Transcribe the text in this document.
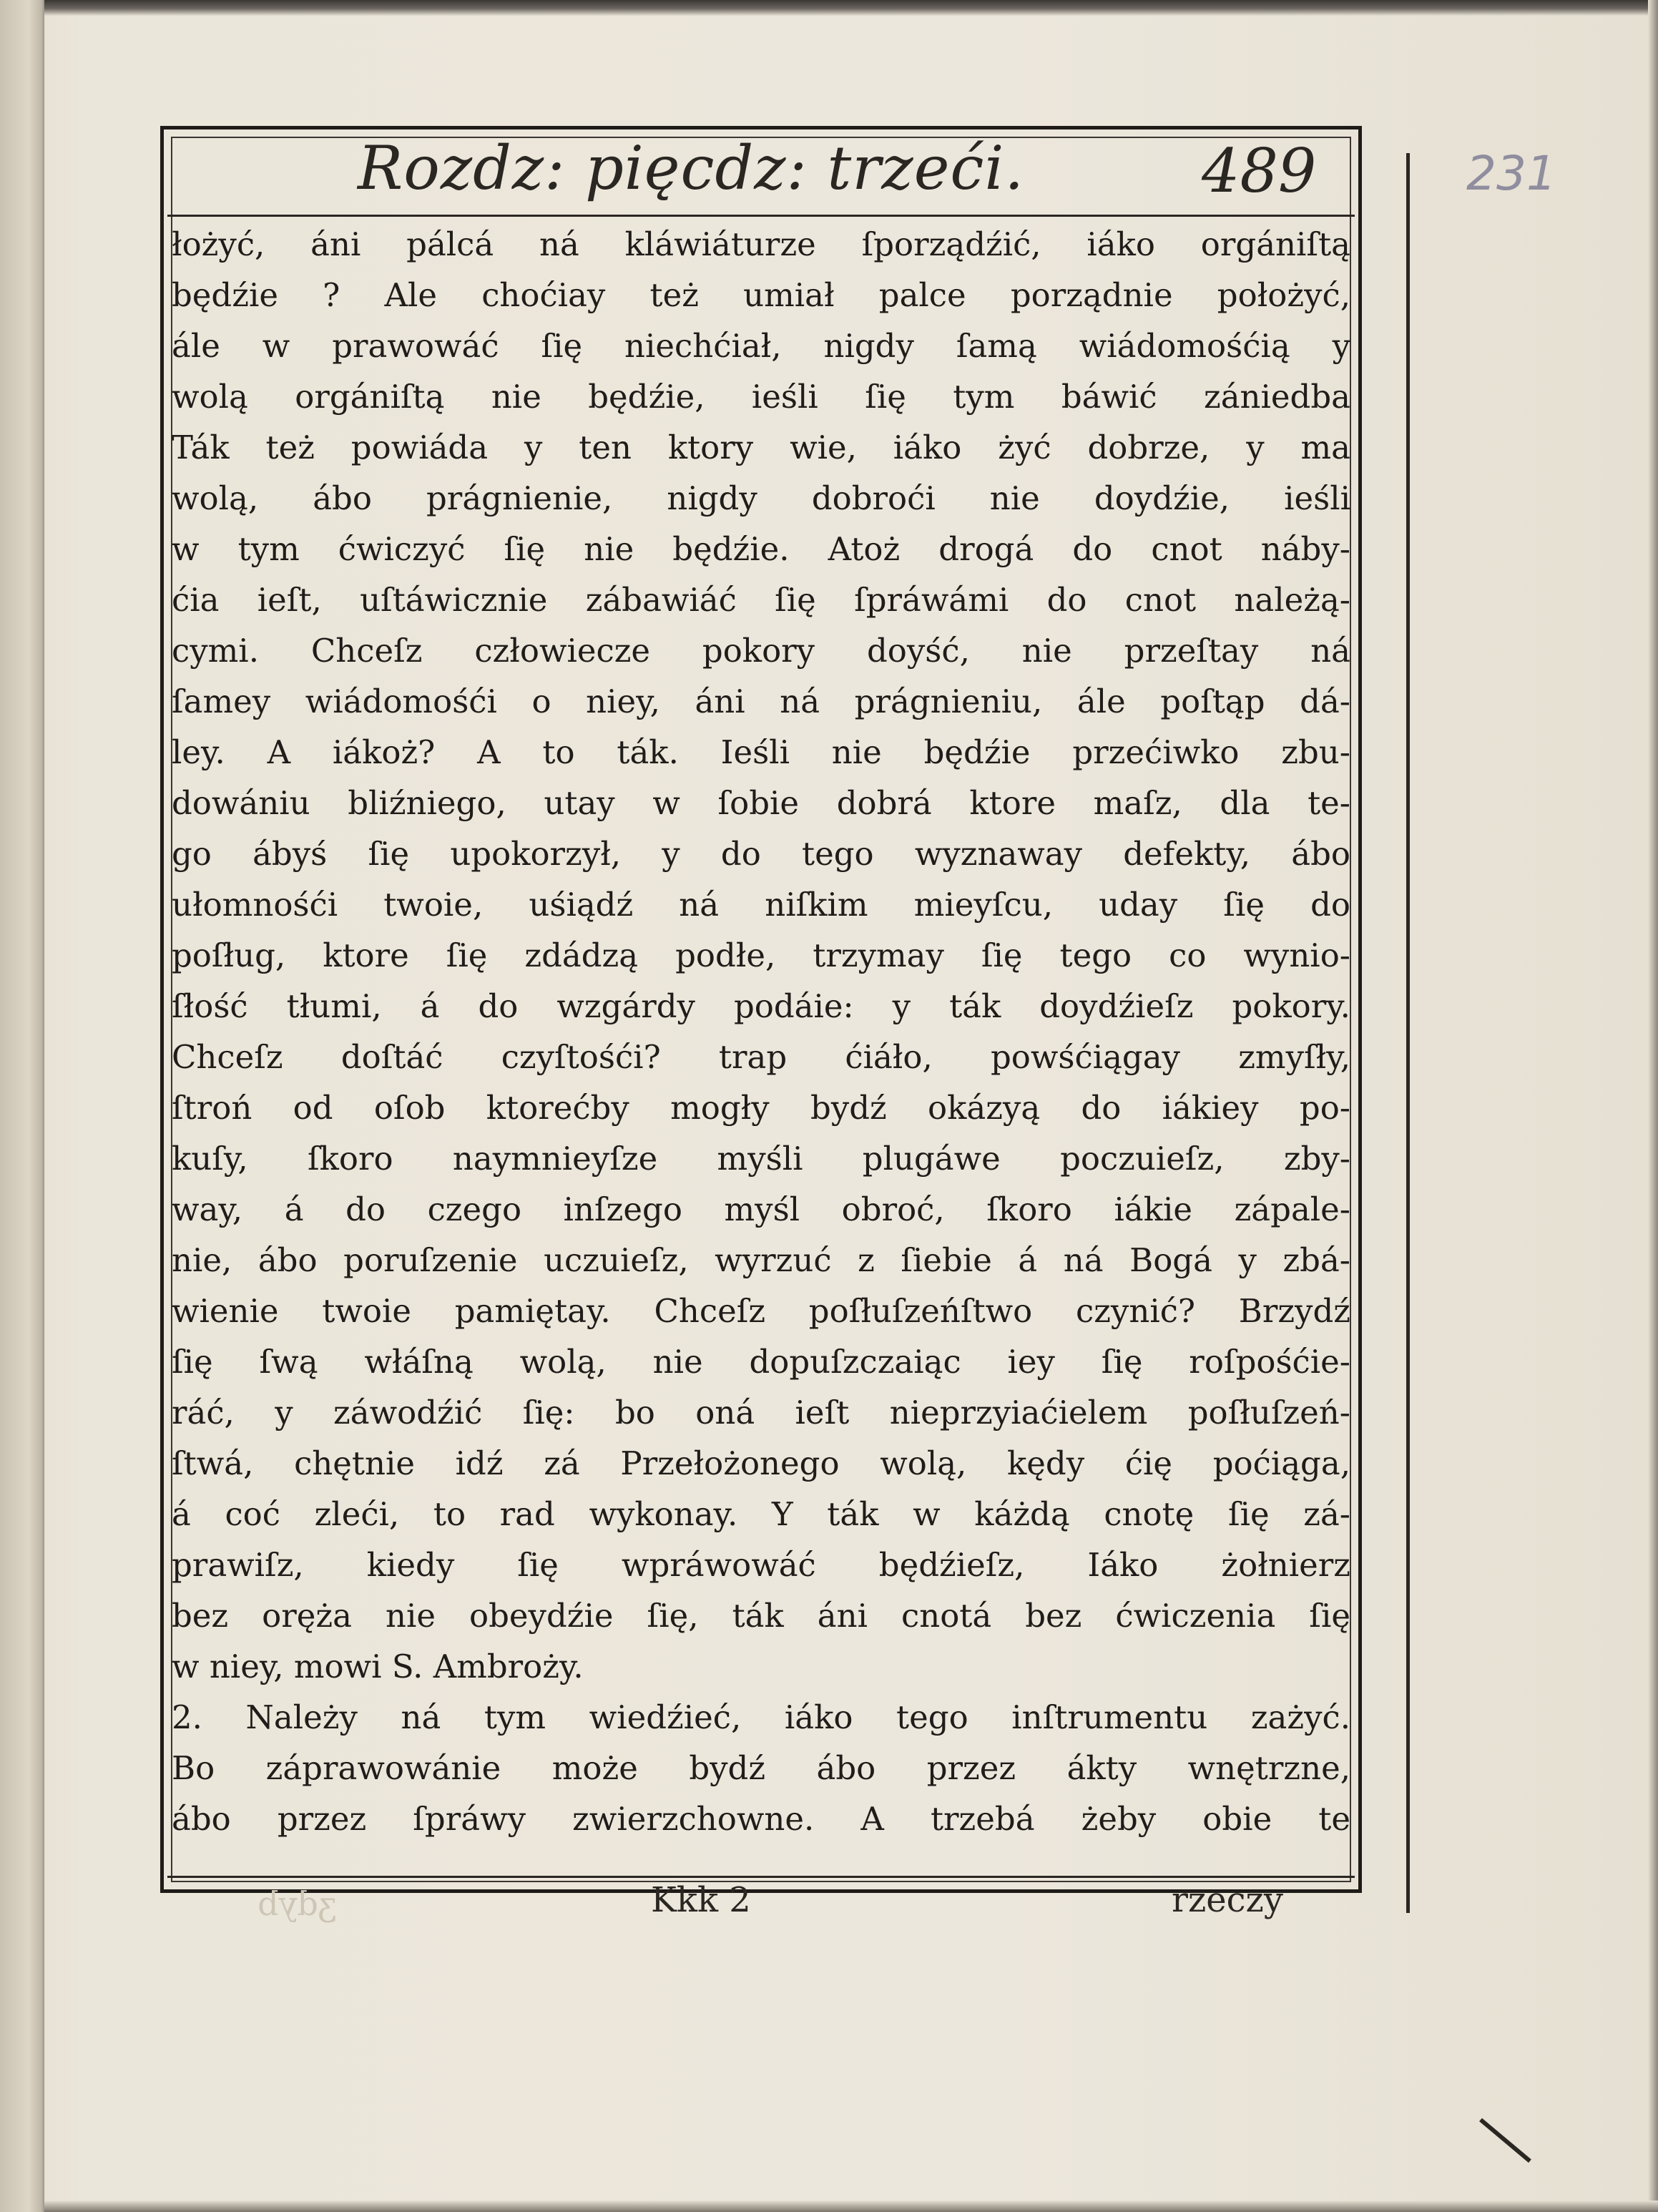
Rozdz: pięcdz: trzeći.	489	231
łożyć, áni pálcá ná kláwiáturze ſporządźić, iáko orgániſtą
będźie ? Ale choćiay też umiał palce porządnie położyć,
ále w prawowáć ſię niechćiał, nigdy ſamą wiádomośćią y
wolą orgániſtą nie będźie, ieśli ſię tym báwić zániedba
Ták też powiáda y ten ktory wie, iáko żyć dobrze, y ma
wolą, ábo prágnienie, nigdy dobroći nie doydźie, ieśli
w tym ćwiczyć ſię nie będźie. Atoż drogá do cnot náby-
ćia ieſt, uſtáwicznie zábawiáć ſię ſpráwámi do cnot należą-
cymi. Chceſz człowiecze pokory doyść, nie przeſtay ná
ſamey wiádomośći o niey, áni ná prágnieniu, ále poſtąp dá-
ley. A iákoż? A to ták. Ieśli nie będźie przećiwko zbu-
dowániu bliźniego, utay w ſobie dobrá ktore maſz, dla te-
go ábyś ſię upokorzył, y do tego wyznaway defekty, ábo
ułomnośći twoie, uśiądź ná niſkim mieyſcu, uday ſię do
poſług, ktore ſię zdádzą podłe, trzymay ſię tego co wynio-
ſłość tłumi, á do wzgárdy podáie: y ták doydźieſz pokory.
Chceſz doſtáć czyſtośći? trap ćiáło, powśćiągay zmyſły,
ſtroń od oſob ktorećby mogły bydź okázyą do iákiey po-
kuſy, ſkoro naymnieyſze myśli plugáwe poczuieſz, zby-
way, á do czego inſzego myśl obroć, ſkoro iákie zápale-
nie, ábo poruſzenie uczuieſz, wyrzuć z ſiebie á ná Bogá y zbá-
wienie twoie pamiętay. Chceſz poſłuſzeńſtwo czynić? Brzydź
ſię ſwą włáſną wolą, nie dopuſzczaiąc iey ſię roſpośćie-
ráć, y záwodźić ſię: bo oná ieſt nieprzyiaćielem poſłuſzeń-
ſtwá, chętnie idź zá Przełożonego wolą, kędy ćię poćiąga,
á coć zleći, to rad wykonay. Y ták w káżdą cnotę ſię zá-
prawiſz, kiedy ſię wpráwowáć będźieſz, Iáko żołnierz
bez oręża nie obeydźie ſię, ták áni cnotá bez ćwiczenia ſię
w niey, mowi S. Ambroży.
2. Należy ná tym wiedźieć, iáko tego inſtrumentu zażyć.
Bo záprawowánie może bydź ábo przez ákty wnętrzne,
ábo przez ſpráwy zwierzchowne. A trzebá żeby obie te
Kkk 2	rzeczy
ʒdyb
